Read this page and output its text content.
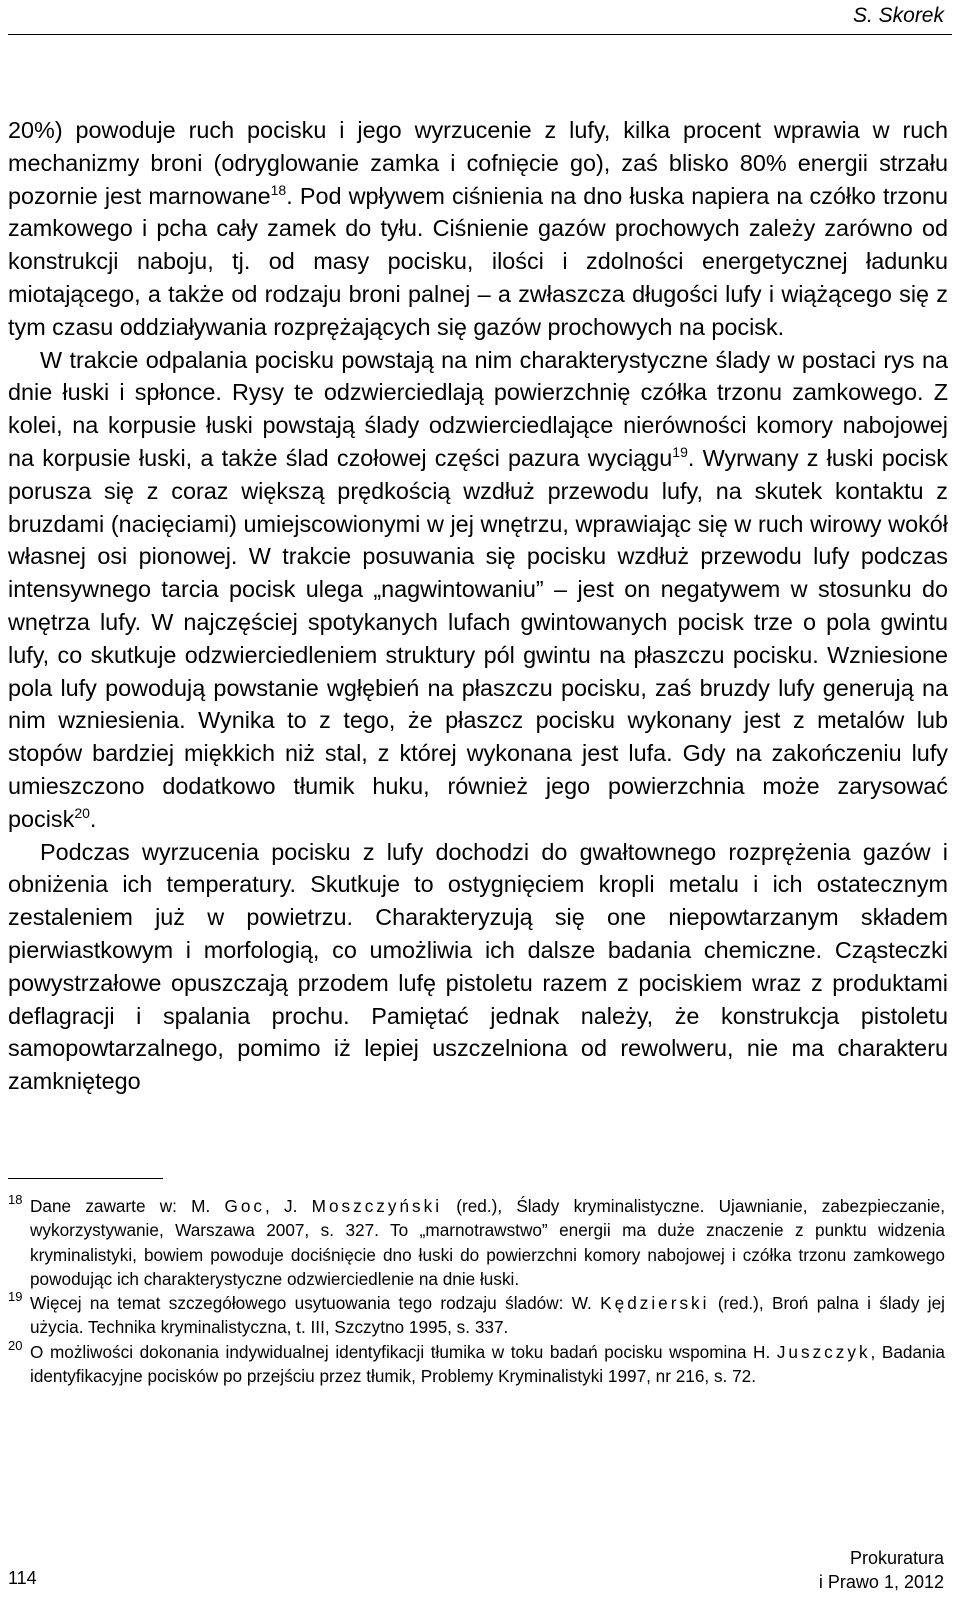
S. Skorek

20%) powoduje ruch pocisku i jego wyrzucenie z lufy, kilka procent wprawia w ruch mechanizmy broni (odryglowanie zamka i cofnięcie go), zaś blisko 80% energii strzału pozornie jest marnowane$^{18}$. Pod wpływem ciśnienia na dno łuska napiera na czółko trzonu zamkowego i pcha cały zamek do tyłu. Ciśnienie gazów prochowych zależy zarówno od konstrukcji naboju, tj. od masy pocisku, ilości i zdolności energetycznej ładunku miotającego, a także od rodzaju broni palnej – a zwłaszcza długości lufy i wiążącego się z tym czasu oddziaływania rozprężających się gazów prochowych na pocisk.

W trakcie odpalania pocisku powstają na nim charakterystyczne ślady w postaci rys na dnie łuski i spłonce. Rysy te odzwierciedlają powierzchnię czółka trzonu zamkowego. Z kolei, na korpusie łuski powstają ślady odzwierciedlające nierówności komory nabojowej na korpusie łuski, a także ślad czołowej części pazura wyciągu$^{19}$. Wyrwany z łuski pocisk porusza się z coraz większą prędkością wzdłuż przewodu lufy, na skutek kontaktu z bruzdami (nacięciami) umiejscowionymi w jej wnętrzu, wprawiając się w ruch wirowy wokół własnej osi pionowej. W trakcie posuwania się pocisku wzdłuż przewodu lufy podczas intensywnego tarcia pocisk ulega „nagwintowaniu” – jest on negatywem w stosunku do wnętrza lufy. W najczęściej spotykanych lufach gwintowanych pocisk trze o pola gwintu lufy, co skutkuje odzwierciedleniem struktury pól gwintu na płaszczu pocisku. Wzniesione pola lufy powodują powstanie wgłębień na płaszczu pocisku, zaś bruzdy lufy generują na nim wzniesienia. Wynika to z tego, że płaszcz pocisku wykonany jest z metalów lub stopów bardziej miękkich niż stal, z której wykonana jest lufa. Gdy na zakończeniu lufy umieszczono dodatkowo tłumik huku, również jego powierzchnia może zarysować pocisk$^{20}$.

Podczas wyrzucenia pocisku z lufy dochodzi do gwałtownego rozprężenia gazów i obniżenia ich temperatury. Skutkuje to ostygnięciem kropli metalu i ich ostatecznym zestaleniem już w powietrzu. Charakteryzują się one niepowtarzanym składem pierwiastkowym i morfologią, co umożliwia ich dalsze badania chemiczne. Cząsteczki powystrzałowe opuszczają przodem lufę pistoletu razem z pociskiem wraz z produktami deflagracji i spalania prochu. Pamiętać jednak należy, że konstrukcja pistoletu samopowtarzalnego, pomimo iż lepiej uszczelniona od rewolweru, nie ma charakteru zamkniętego

18 Dane zawarte w: M. Goc, J. Moszczyński (red.), Ślady kryminalistyczne. Ujawnianie, zabezpieczanie, wykorzystywanie, Warszawa 2007, s. 327. To „marnotrawstwo” energii ma duże znaczenie z punktu widzenia kryminalistyki, bowiem powoduje dociśnięcie dno łuski do powierzchni komory nabojowej i czółka trzonu zamkowego powodując ich charakterystyczne odzwierciedlenie na dnie łuski.
19 Więcej na temat szczegółowego usytuowania tego rodzaju śladów: W. Kędzierski (red.), Broń palna i ślady jej użycia. Technika kryminalistyczna, t. III, Szczytno 1995, s. 337.
20 O możliwości dokonania indywidualnej identyfikacji tłumika w toku badań pocisku wspomina H. Juszczyk, Badania identyfikacyjne pocisków po przejściu przez tłumik, Problemy Kryminalistyki 1997, nr 216, s. 72.
114
Prokuratura
i Prawo 1, 2012
